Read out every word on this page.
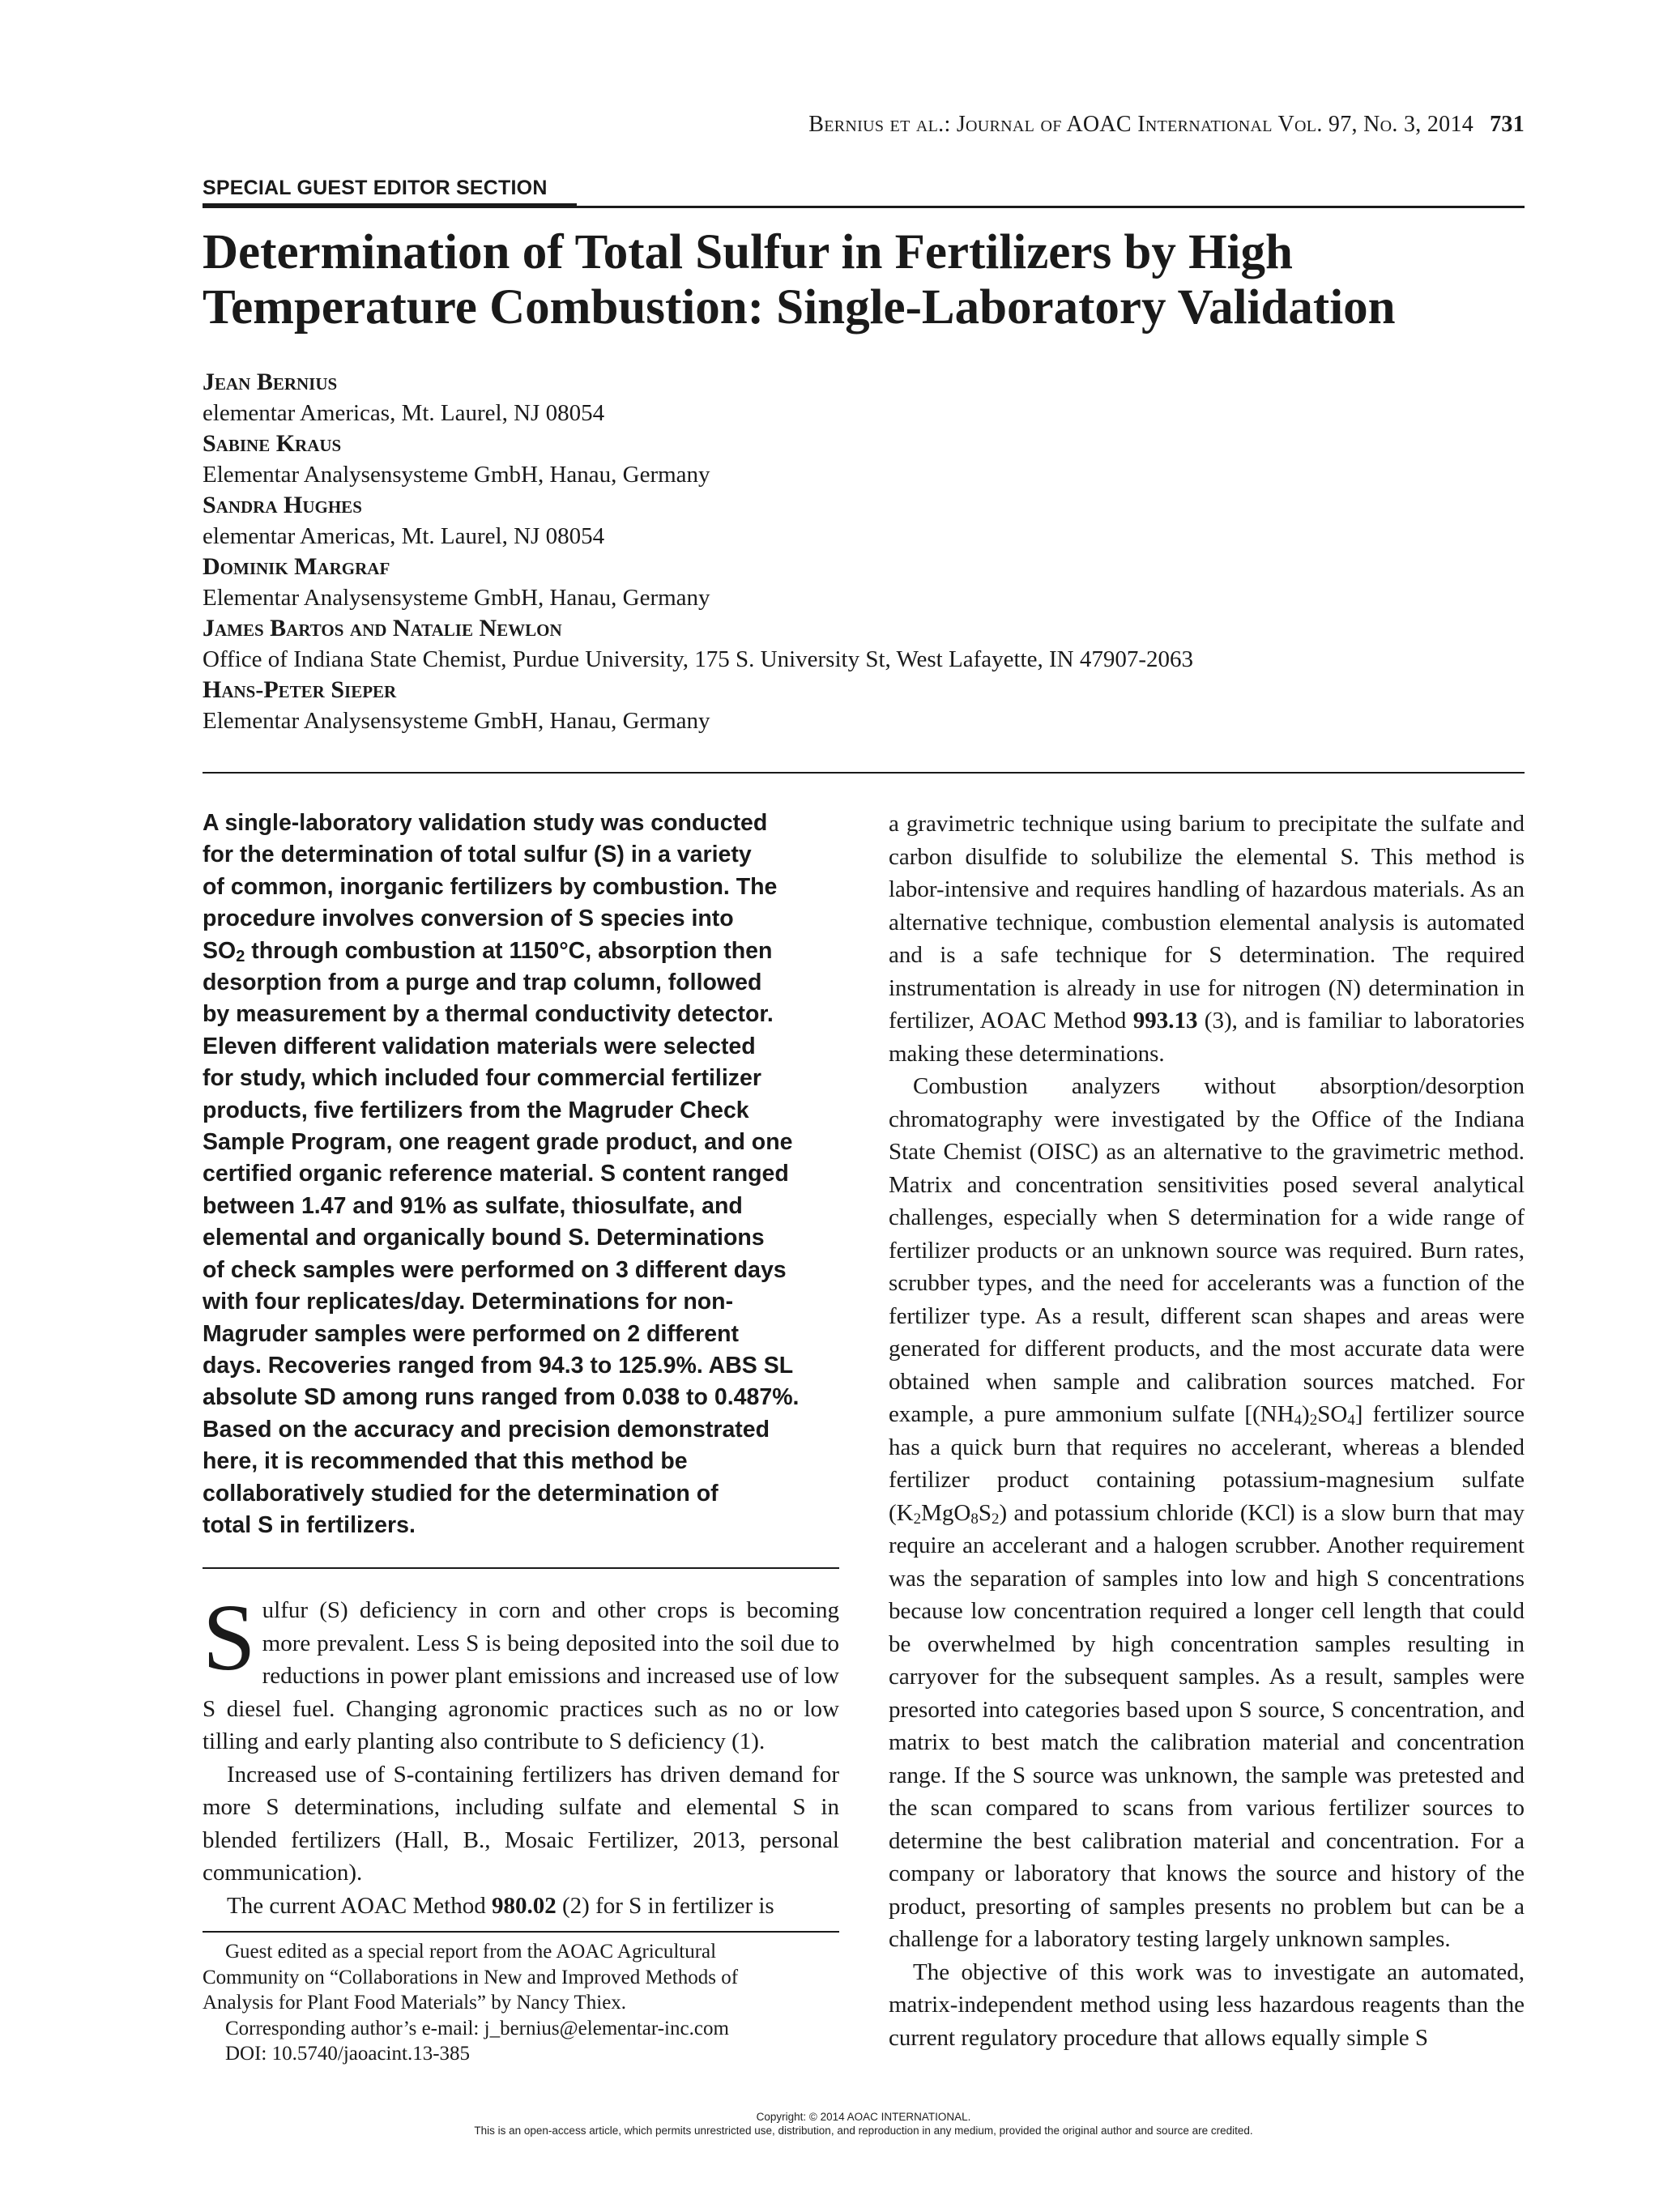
Bernius et al.: Journal of AOAC International Vol. 97, No. 3, 2014 731
SPECIAL GUEST EDITOR SECTION
Determination of Total Sulfur in Fertilizers by High
Temperature Combustion: Single-Laboratory Validation
Jean Bernius
elementar Americas, Mt. Laurel, NJ 08054
Sabine Kraus
Elementar Analysensysteme GmbH, Hanau, Germany
Sandra Hughes
elementar Americas, Mt. Laurel, NJ 08054
Dominik Margraf
Elementar Analysensysteme GmbH, Hanau, Germany
James Bartos and Natalie Newlon
Office of Indiana State Chemist, Purdue University, 175 S. University St, West Lafayette, IN 47907-2063
Hans-Peter Sieper
Elementar Analysensysteme GmbH, Hanau, Germany
A single-laboratory validation study was conducted
for the determination of total sulfur (S) in a variety
of common, inorganic fertilizers by combustion. The
procedure involves conversion of S species into
$SO_2$ through combustion at 1150°C, absorption then
desorption from a purge and trap column, followed
by measurement by a thermal conductivity detector.
Eleven different validation materials were selected
for study, which included four commercial fertilizer
products, five fertilizers from the Magruder Check
Sample Program, one reagent grade product, and one
certified organic reference material. S content ranged
between 1.47 and 91% as sulfate, thiosulfate, and
elemental and organically bound S. Determinations
of check samples were performed on 3 different days
with four replicates/day. Determinations for non-
Magruder samples were performed on 2 different
days. Recoveries ranged from 94.3 to 125.9%. ABS SL
absolute SD among runs ranged from 0.038 to 0.487%.
Based on the accuracy and precision demonstrated
here, it is recommended that this method be
collaboratively studied for the determination of
total S in fertilizers.

Sulfur (S) deficiency in corn and other crops is becoming more prevalent. Less S is being deposited into the soil due to reductions in power plant emissions and increased use of low S diesel fuel. Changing agronomic practices such as no or low tilling and early planting also contribute to S deficiency (1).

Increased use of S-containing fertilizers has driven demand for more S determinations, including sulfate and elemental S in blended fertilizers (Hall, B., Mosaic Fertilizer, 2013, personal communication).

The current AOAC Method 980.02 (2) for S in fertilizer is

Guest edited as a special report from the AOAC Agricultural
Community on “Collaborations in New and Improved Methods of
Analysis for Plant Food Materials” by Nancy Thiex.
Corresponding author’s e-mail: j_bernius@elementar-inc.com
DOI: 10.5740/jaoacint.13-385

a gravimetric technique using barium to precipitate the sulfate and carbon disulfide to solubilize the elemental S. This method is labor-intensive and requires handling of hazardous materials. As an alternative technique, combustion elemental analysis is automated and is a safe technique for S determination. The required instrumentation is already in use for nitrogen (N) determination in fertilizer, AOAC Method 993.13 (3), and is familiar to laboratories making these determinations.

Combustion analyzers without absorption/desorption chromatography were investigated by the Office of the Indiana State Chemist (OISC) as an alternative to the gravimetric method. Matrix and concentration sensitivities posed several analytical challenges, especially when S determination for a wide range of fertilizer products or an unknown source was required. Burn rates, scrubber types, and the need for accelerants was a function of the fertilizer type. As a result, different scan shapes and areas were generated for different products, and the most accurate data were obtained when sample and calibration sources matched. For example, a pure ammonium sulfate $[(NH_4)_2SO_4]$ fertilizer source has a quick burn that requires no accelerant, whereas a blended fertilizer product containing potassium-magnesium sulfate $(K_2MgO_8S_2)$ and potassium chloride (KCl) is a slow burn that may require an accelerant and a halogen scrubber. Another requirement was the separation of samples into low and high S concentrations because low concentration required a longer cell length that could be overwhelmed by high concentration samples resulting in carryover for the subsequent samples. As a result, samples were presorted into categories based upon S source, S concentration, and matrix to best match the calibration material and concentration range. If the S source was unknown, the sample was pretested and the scan compared to scans from various fertilizer sources to determine the best calibration material and concentration. For a company or laboratory that knows the source and history of the product, presorting of samples presents no problem but can be a challenge for a laboratory testing largely unknown samples.

The objective of this work was to investigate an automated, matrix-independent method using less hazardous reagents than the current regulatory procedure that allows equally simple S

Copyright: © 2014 AOAC INTERNATIONAL.
This is an open-access article, which permits unrestricted use, distribution, and reproduction in any medium, provided the original author and source are credited.
